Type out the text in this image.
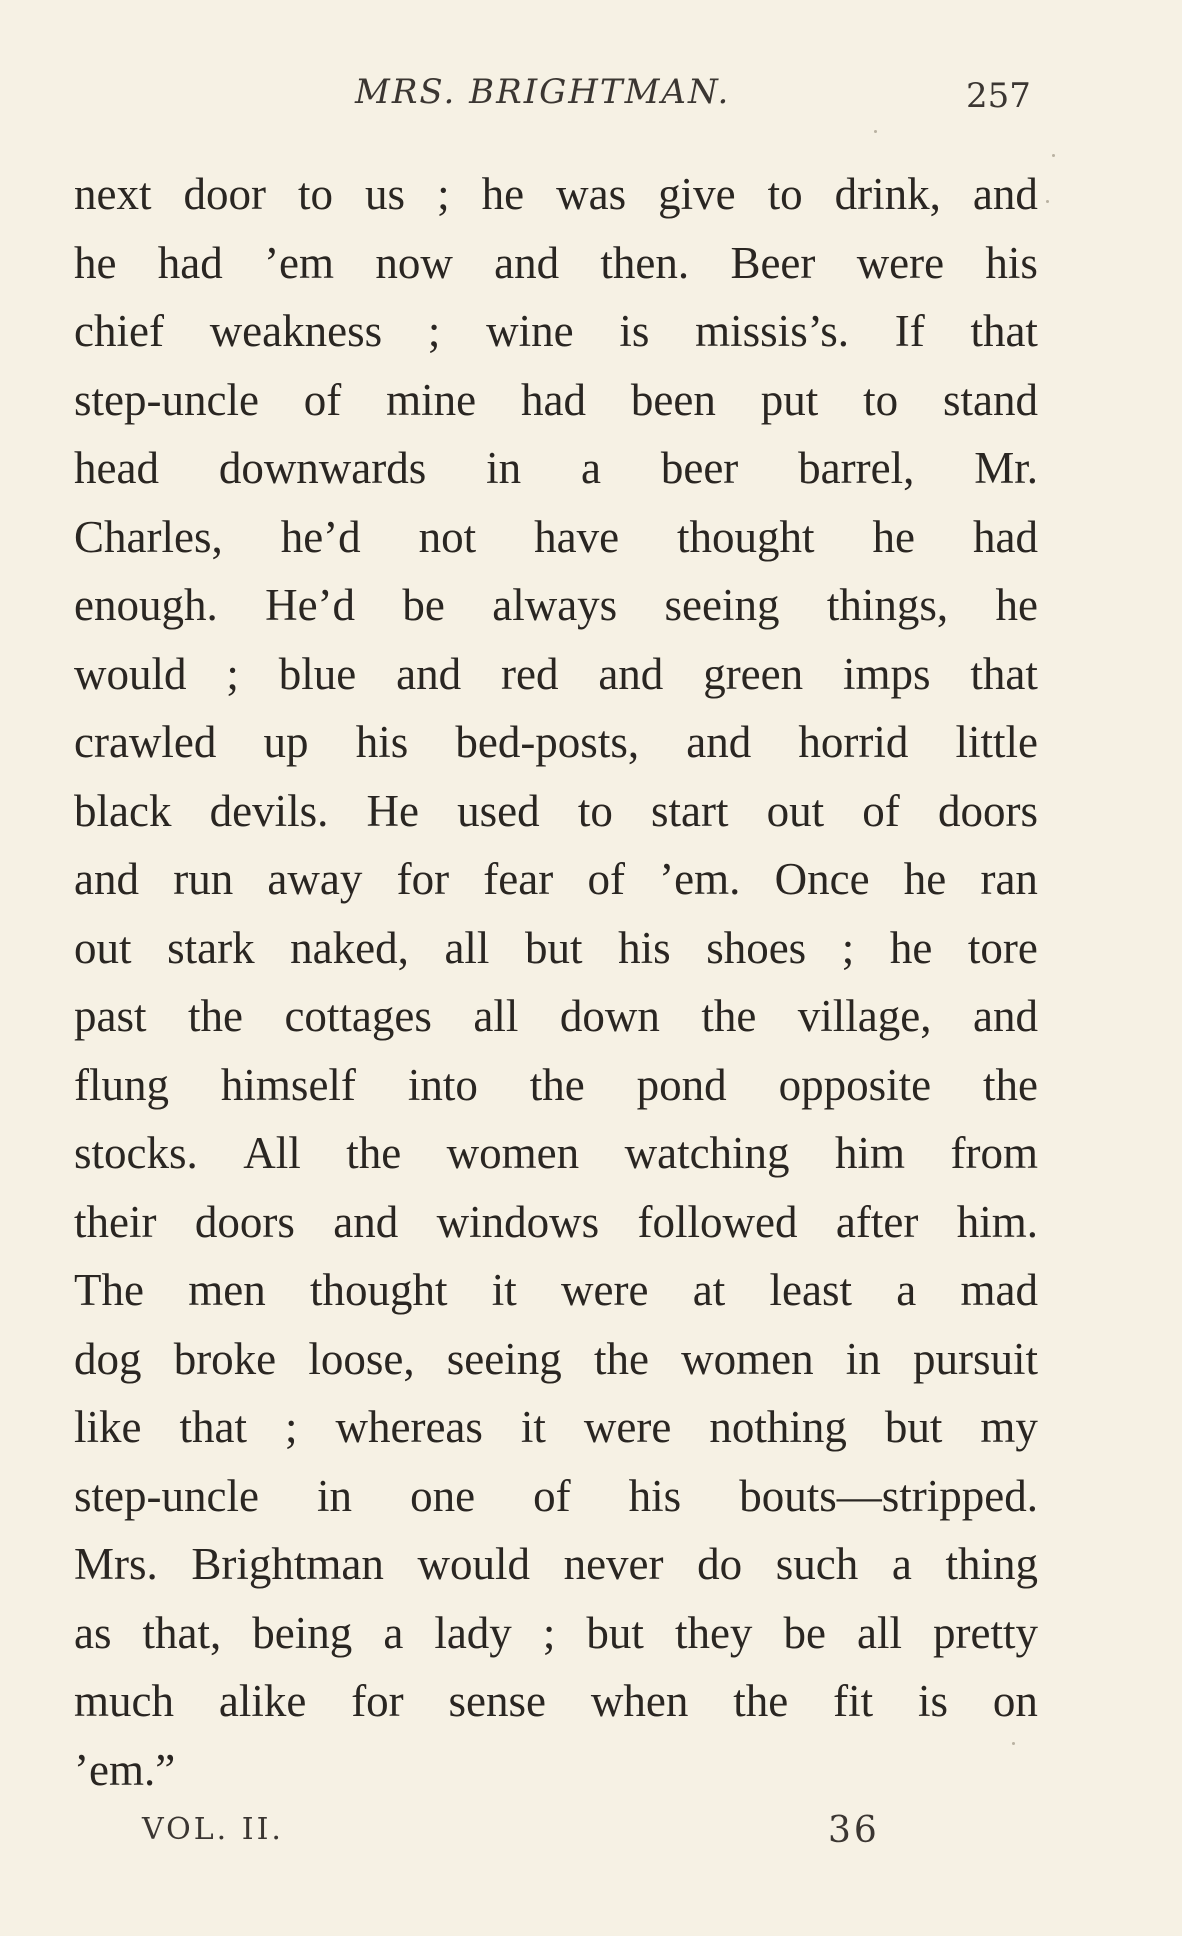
MRS. BRIGHTMAN.	257
next door to us ; he was give to drink, and
he had ’em now and then. Beer were his
chief weakness ; wine is missis’s. If that
step-uncle of mine had been put to stand
head downwards in a beer barrel, Mr.
Charles, he’d not have thought he had
enough. He’d be always seeing things, he
would ; blue and red and green imps that
crawled up his bed-posts, and horrid little
black devils. He used to start out of doors
and run away for fear of ’em. Once he ran
out stark naked, all but his shoes ; he tore
past the cottages all down the village, and
flung himself into the pond opposite the
stocks. All the women watching him from
their doors and windows followed after him.
The men thought it were at least a mad
dog broke loose, seeing the women in pursuit
like that ; whereas it were nothing but my
step-uncle in one of his bouts—stripped.
Mrs. Brightman would never do such a thing
as that, being a lady ; but they be all pretty
much alike for sense when the fit is on
’em.”
VOL. II.	36
